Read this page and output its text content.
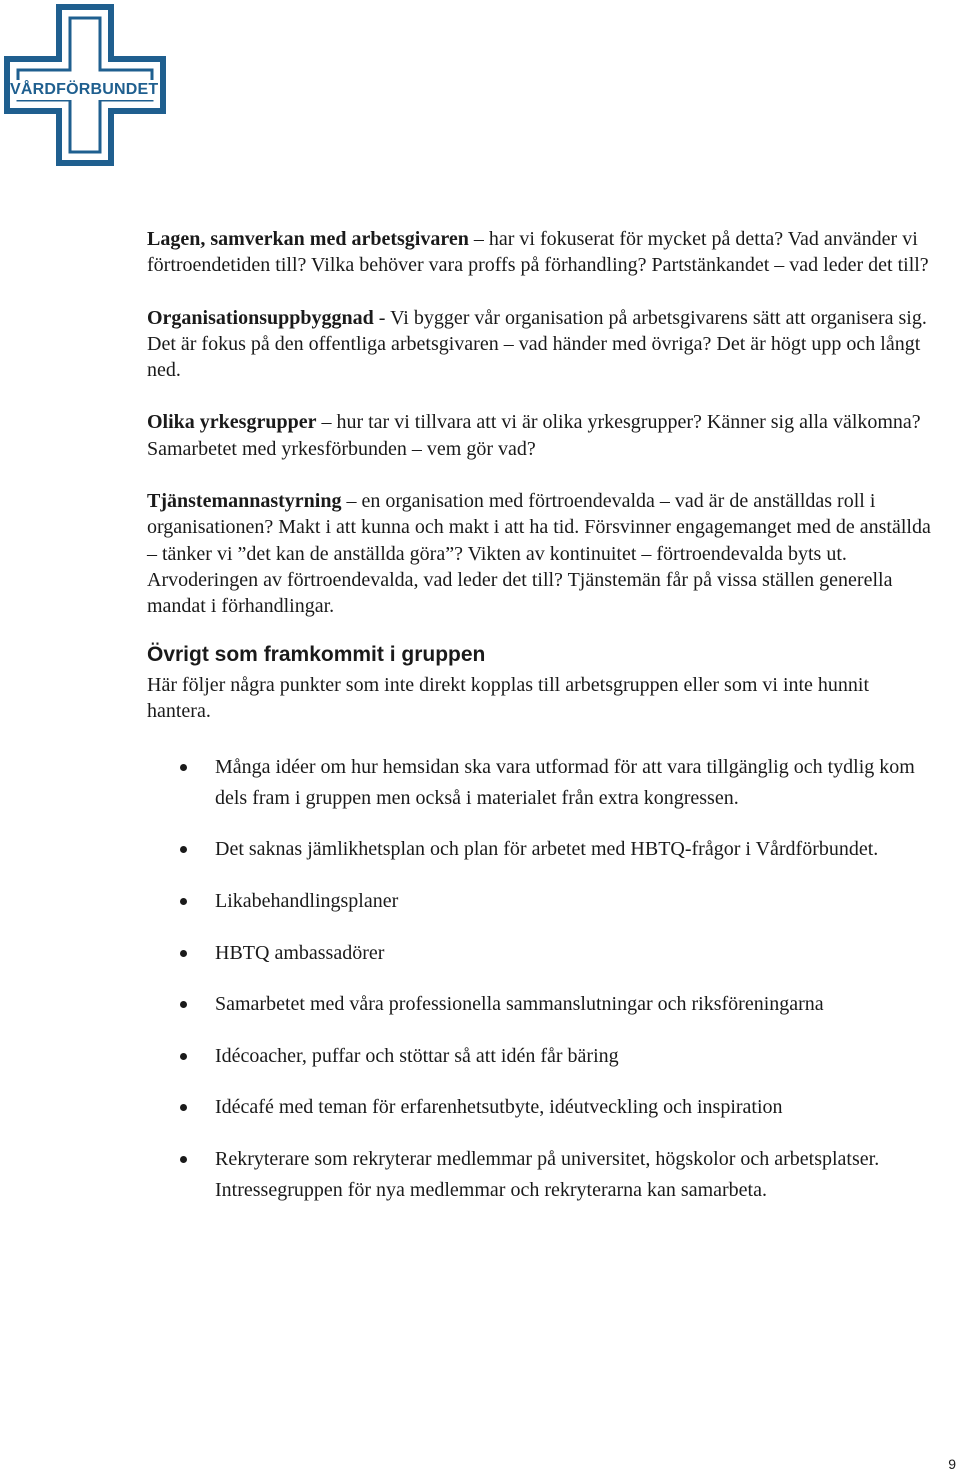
VÅRDFÖRBUNDET

Lagen, samverkan med arbetsgivaren – har vi fokuserat för mycket på detta? Vad använder vi förtroendetiden till? Vilka behöver vara proffs på förhandling? Partstänkandet – vad leder det till?

Organisationsuppbyggnad - Vi bygger vår organisation på arbetsgivarens sätt att organisera sig. Det är fokus på den offentliga arbetsgivaren – vad händer med övriga? Det är högt upp och långt ned.

Olika yrkesgrupper – hur tar vi tillvara att vi är olika yrkesgrupper? Känner sig alla välkomna? Samarbetet med yrkesförbunden – vem gör vad?

Tjänstemannastyrning – en organisation med förtroendevalda – vad är de anställdas roll i organisationen? Makt i att kunna och makt i att ha tid. Försvinner engagemanget med de anställda – tänker vi ”det kan de anställda göra”? Vikten av kontinuitet – förtroendevalda byts ut. Arvoderingen av förtroendevalda, vad leder det till? Tjänstemän får på vissa ställen generella mandat i förhandlingar.

Övrigt som framkommit i gruppen

Här följer några punkter som inte direkt kopplas till arbetsgruppen eller som vi inte hunnit hantera.

Många idéer om hur hemsidan ska vara utformad för att vara tillgänglig och tydlig kom dels fram i gruppen men också i materialet från extra kongressen.
Det saknas jämlikhetsplan och plan för arbetet med HBTQ-frågor i Vårdförbundet.
Likabehandlingsplaner
HBTQ ambassadörer
Samarbetet med våra professionella sammanslutningar och riksföreningarna
Idécoacher, puffar och stöttar så att idén får bäring
Idécafé med teman för erfarenhetsutbyte, idéutveckling och inspiration
Rekryterare som rekryterar medlemmar på universitet, högskolor och arbetsplatser. Intressegruppen för nya medlemmar och rekryterarna kan samarbeta.
9
